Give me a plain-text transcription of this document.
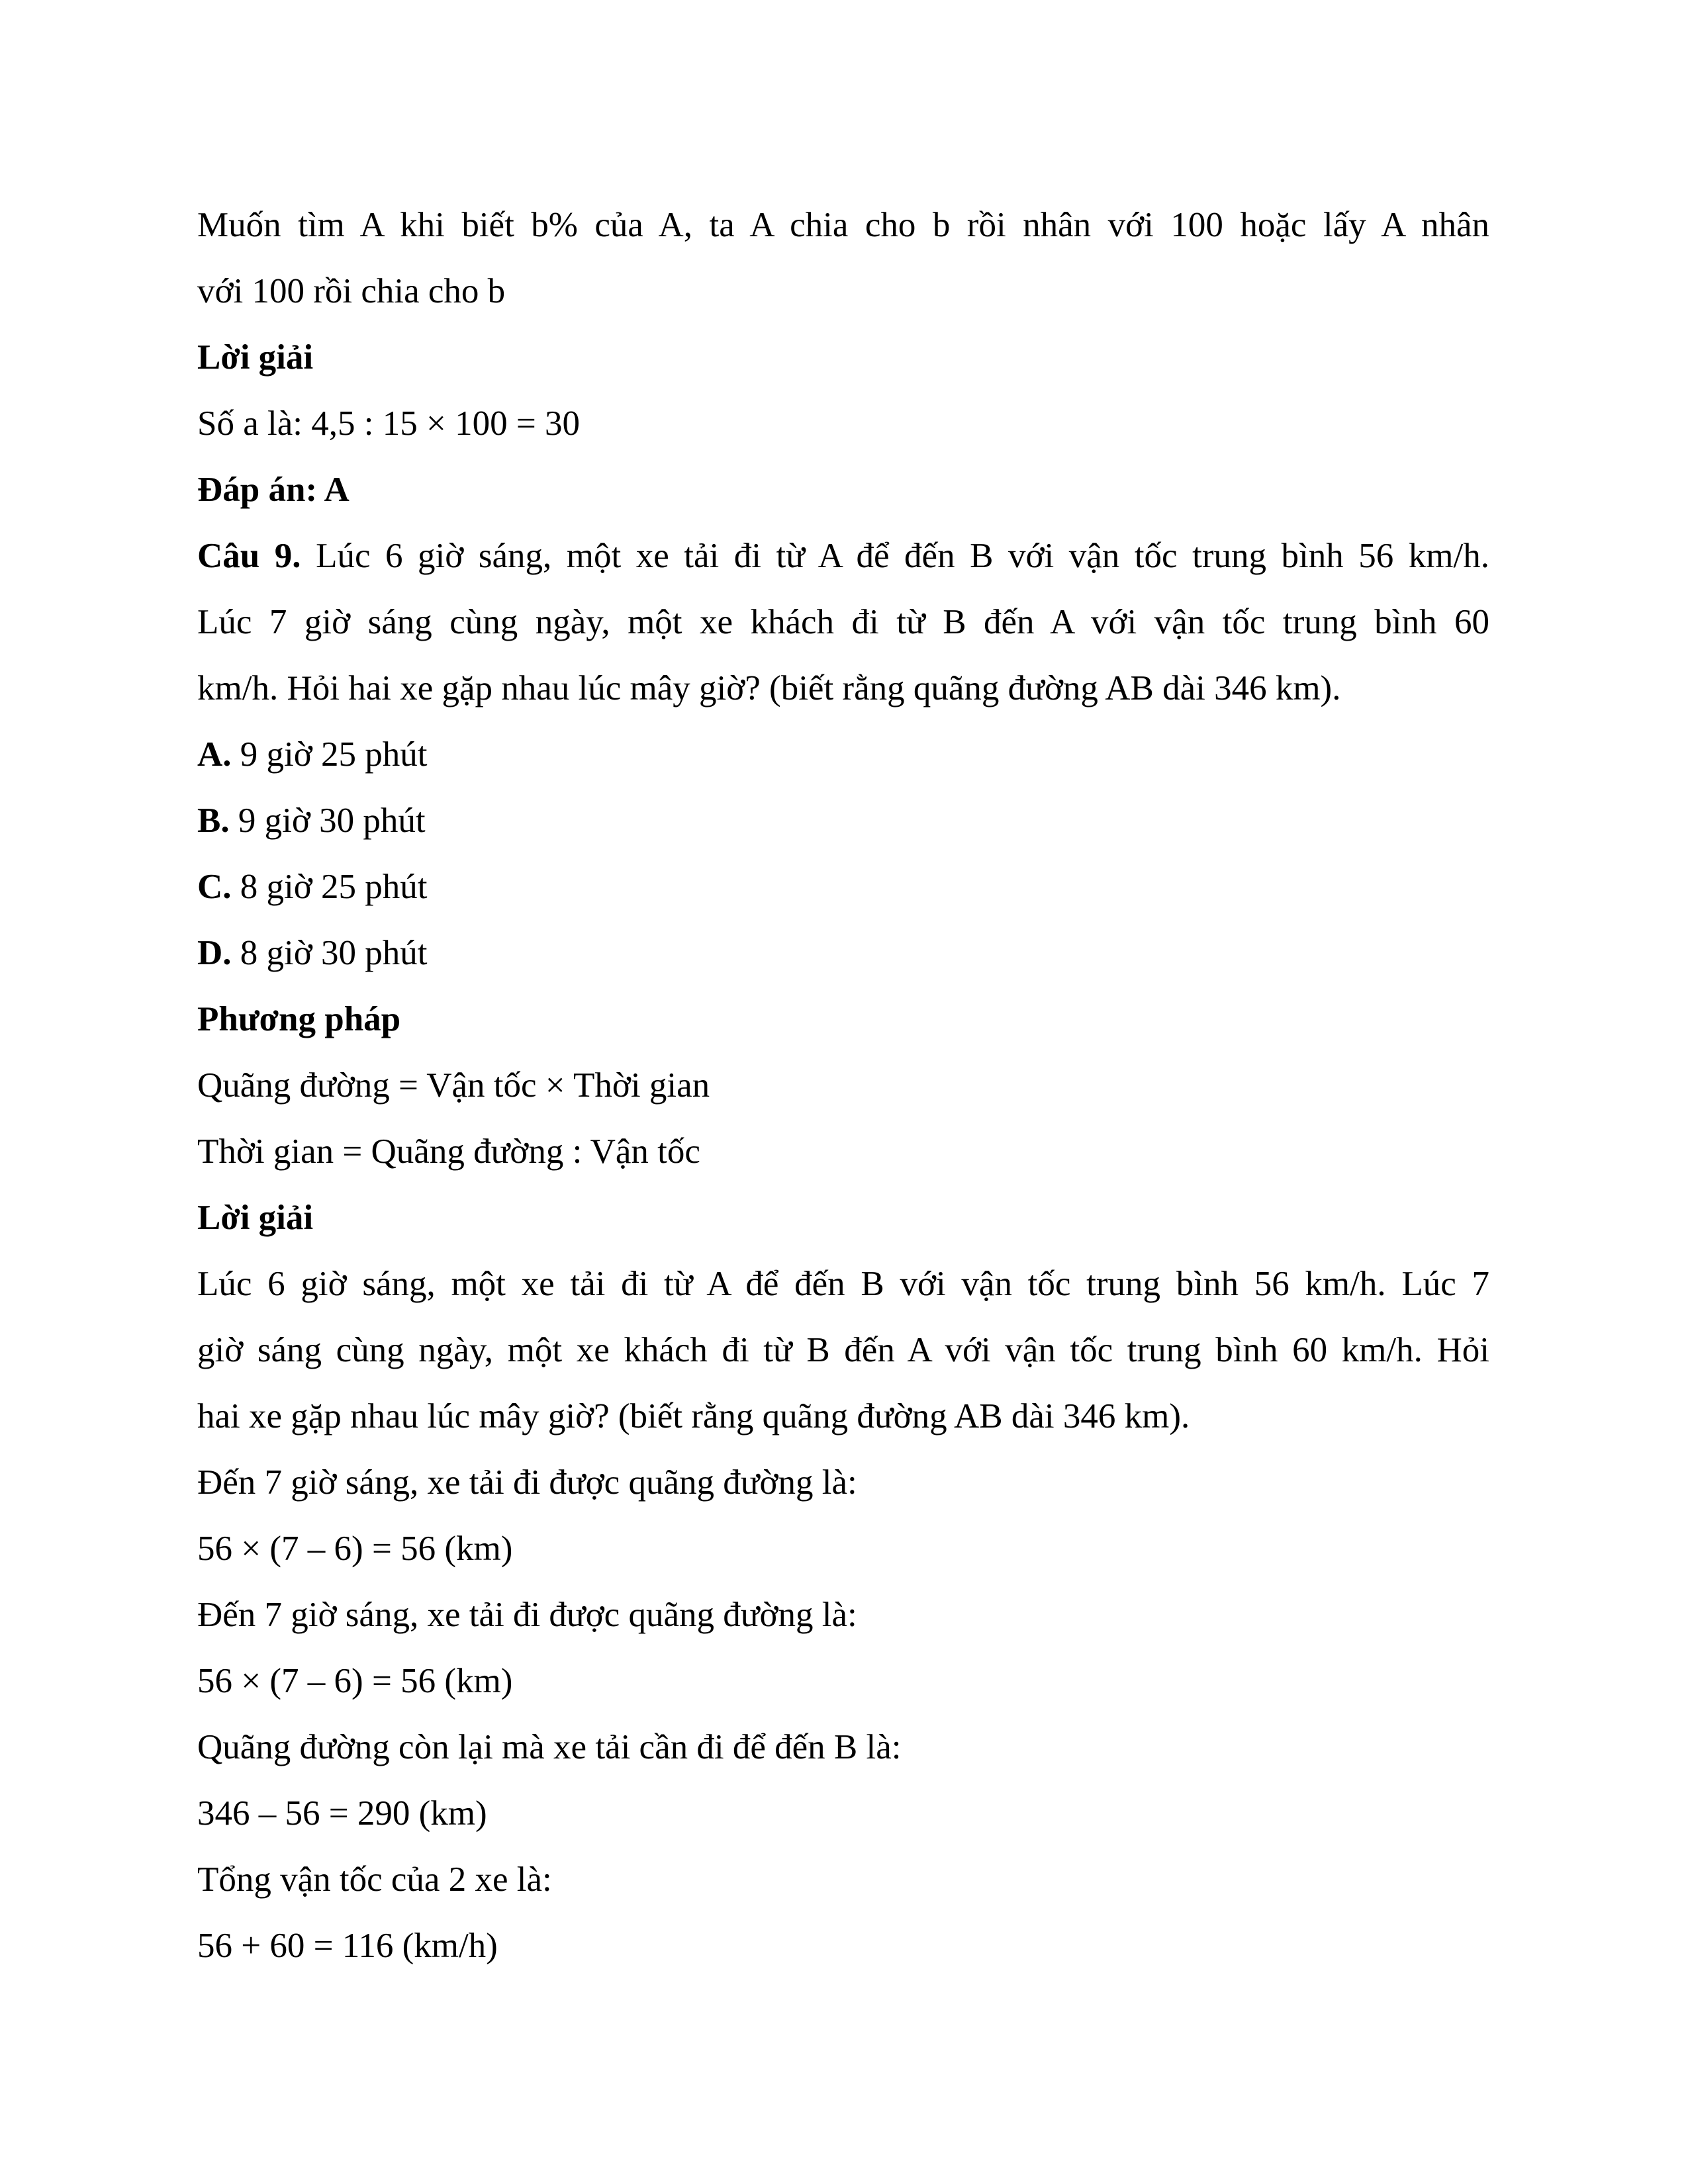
Muốn tìm A khi biết b% của A, ta A chia cho b rồi nhân với 100 hoặc lấy A nhân
với 100 rồi chia cho b
Lời giải
Số a là: 4,5 : 15 × 100 = 30
Đáp án: A
Câu 9. Lúc 6 giờ sáng, một xe tải đi từ A để đến B với vận tốc trung bình 56 km/h.
Lúc 7 giờ sáng cùng ngày, một xe khách đi từ B đến A với vận tốc trung bình 60
km/h. Hỏi hai xe gặp nhau lúc mây giờ? (biết rằng quãng đường AB dài 346 km).
A. 9 giờ 25 phút
B. 9 giờ 30 phút
C. 8 giờ 25 phút
D. 8 giờ 30 phút
Phương pháp
Quãng đường = Vận tốc × Thời gian
Thời gian = Quãng đường : Vận tốc
Lời giải
Lúc 6 giờ sáng, một xe tải đi từ A để đến B với vận tốc trung bình 56 km/h. Lúc 7
giờ sáng cùng ngày, một xe khách đi từ B đến A với vận tốc trung bình 60 km/h. Hỏi
hai xe gặp nhau lúc mây giờ? (biết rằng quãng đường AB dài 346 km).
Đến 7 giờ sáng, xe tải đi được quãng đường là:
56 × (7 – 6) = 56 (km)
Đến 7 giờ sáng, xe tải đi được quãng đường là:
56 × (7 – 6) = 56 (km)
Quãng đường còn lại mà xe tải cần đi để đến B là:
346 – 56 = 290 (km)
Tổng vận tốc của 2 xe là:
56 + 60 = 116 (km/h)
